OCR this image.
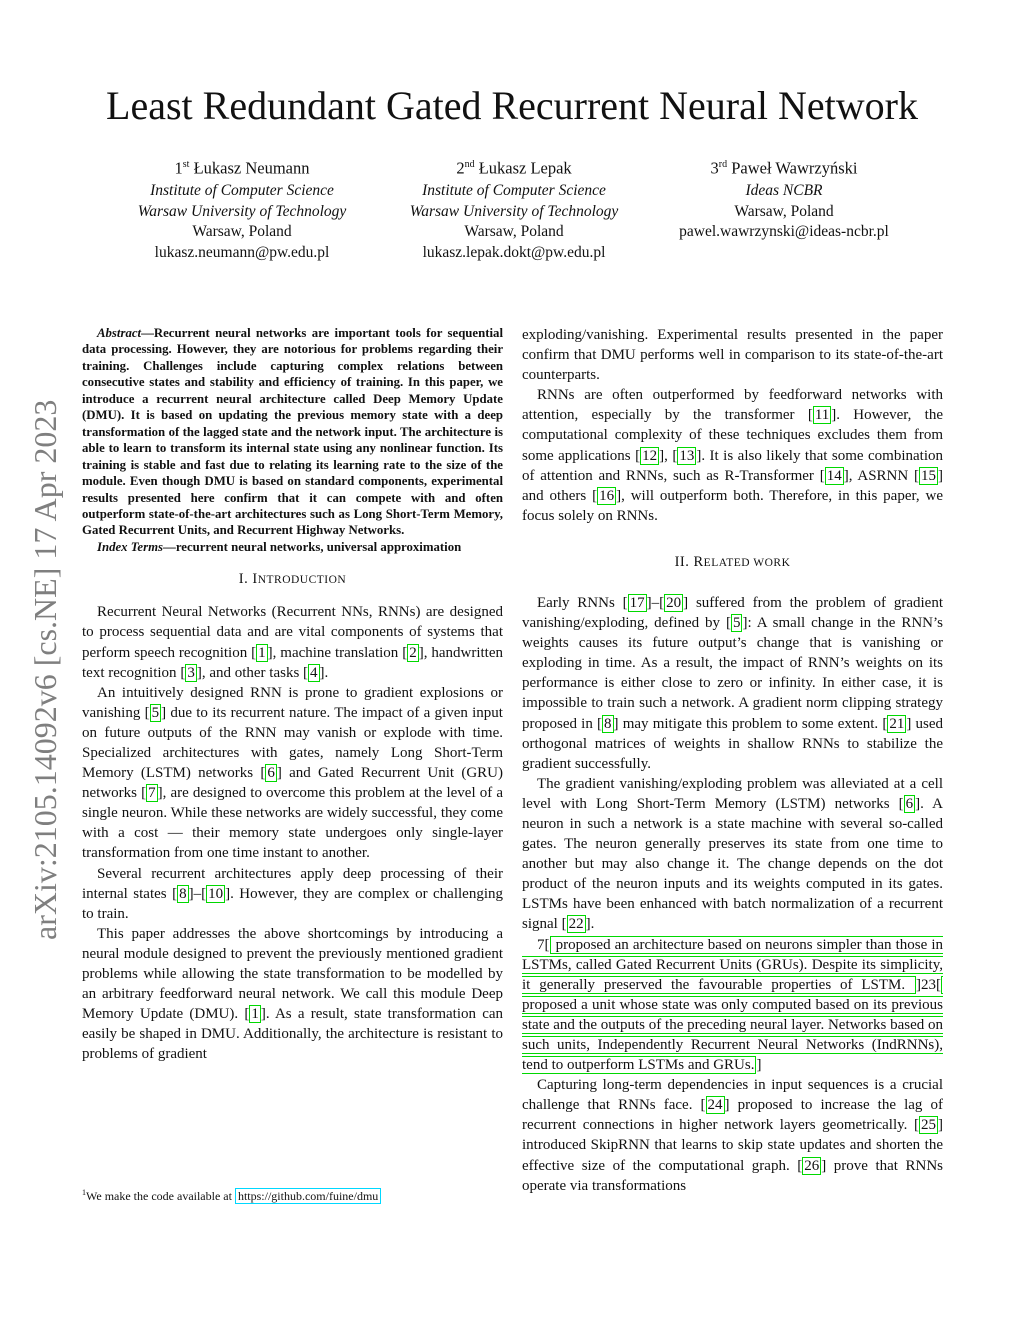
Least Redundant Gated Recurrent Neural Network
1st Łukasz Neumann
Institute of Computer Science
Warsaw University of Technology
Warsaw, Poland
lukasz.neumann@pw.edu.pl
2nd Łukasz Lepak
Institute of Computer Science
Warsaw University of Technology
Warsaw, Poland
lukasz.lepak.dokt@pw.edu.pl
3rd Paweł Wawrzyński
Ideas NCBR
Warsaw, Poland
pawel.wawrzynski@ideas-ncbr.pl
arXiv:2105.14092v6 [cs.NE] 17 Apr 2023

Abstract—Recurrent neural networks are important tools for sequential data processing. However, they are notorious for problems regarding their training. Challenges include capturing complex relations between consecutive states and stability and efficiency of training. In this paper, we introduce a recurrent neural architecture called Deep Memory Update (DMU). It is based on updating the previous memory state with a deep transformation of the lagged state and the network input. The architecture is able to learn to transform its internal state using any nonlinear function. Its training is stable and fast due to relating its learning rate to the size of the module. Even though DMU is based on standard components, experimental results presented here confirm that it can compete with and often outperform state-of-the-art architectures such as Long Short-Term Memory, Gated Recurrent Units, and Recurrent Highway Networks.

Index Terms—recurrent neural networks, universal approximation

I. INTRODUCTION

Recurrent Neural Networks (Recurrent NNs, RNNs) are designed to process sequential data and are vital components of systems that perform speech recognition [ 1 ], machine translation [ 2 ], handwritten text recognition [ 3 ], and other tasks [ 4 ].

An intuitively designed RNN is prone to gradient explosions or vanishing [ 5 ] due to its recurrent nature. The impact of a given input on future outputs of the RNN may vanish or explode with time. Specialized architectures with gates, namely Long Short-Term Memory (LSTM) networks [ 6 ] and Gated Recurrent Unit (GRU) networks [ 7 ], are designed to overcome this problem at the level of a single neuron. While these networks are widely successful, they come with a cost — their memory state undergoes only single-layer transformation from one time instant to another.

Several recurrent architectures apply deep processing of their internal states [ 8 ]–[ 10 ]. However, they are complex or challenging to train.

This paper addresses the above shortcomings by introducing a neural module designed to prevent the previously mentioned gradient problems while allowing the state transformation to be modelled by an arbitrary feedforward neural network. We call this module Deep Memory Update (DMU). [ 1 ]. As a result, state transformation can easily be shaped in DMU. Additionally, the architecture is resistant to problems of gradient

exploding/vanishing. Experimental results presented in the paper confirm that DMU performs well in comparison to its state-of-the-art counterparts.

RNNs are often outperformed by feedforward networks with attention, especially by the transformer [ 11 ]. However, the computational complexity of these techniques excludes them from some applications [ 12 ], [ 13 ]. It is also likely that some combination of attention and RNNs, such as R-Transformer [ 14 ], ASRNN [ 15 ] and others [ 16 ], will outperform both. Therefore, in this paper, we focus solely on RNNs.

II. RELATED WORK

Early RNNs [ 17 ]–[ 20 ] suffered from the problem of gradient vanishing/exploding, defined by [ 5 ]: A small change in the RNN’s weights causes its future output’s change that is vanishing or exploding in time. As a result, the impact of RNN’s weights on its performance is either close to zero or infinity. In either case, it is impossible to train such a network. A gradient norm clipping strategy proposed in [ 8 ] may mitigate this problem to some extent. [ 21 ] used orthogonal matrices of weights in shallow RNNs to stabilize the gradient successfully.

The gradient vanishing/exploding problem was alleviated at a cell level with Long Short-Term Memory (LSTM) networks [ 6 ]. A neuron in such a network is a state machine with several so-called gates. The neuron generally preserves its state from one time to another but may also change it. The change depends on the dot product of the neuron inputs and its weights computed in its gates. LSTMs have been enhanced with batch normalization of a recurrent signal [ 22 ].

7[ proposed an architecture based on neurons simpler than those in LSTMs, called Gated Recurrent Units (GRUs). Despite its simplicity, it generally preserved the favourable properties of LSTM. ]23[ proposed a unit whose state was only computed based on its previous state and the outputs of the preceding neural layer. Networks based on such units, Independently Recurrent Neural Networks (IndRNNs), tend to outperform LSTMs and GRUs. ]

Capturing long-term dependencies in input sequences is a crucial challenge that RNNs face. [ 24 ] proposed to increase the lag of recurrent connections in higher network layers geometrically. [ 25 ] introduced SkipRNN that learns to skip state updates and shorten the effective size of the computational graph. [ 26 ] prove that RNNs operate via transformations

$^1$We make the code available at https://github.com/fuine/dmu
